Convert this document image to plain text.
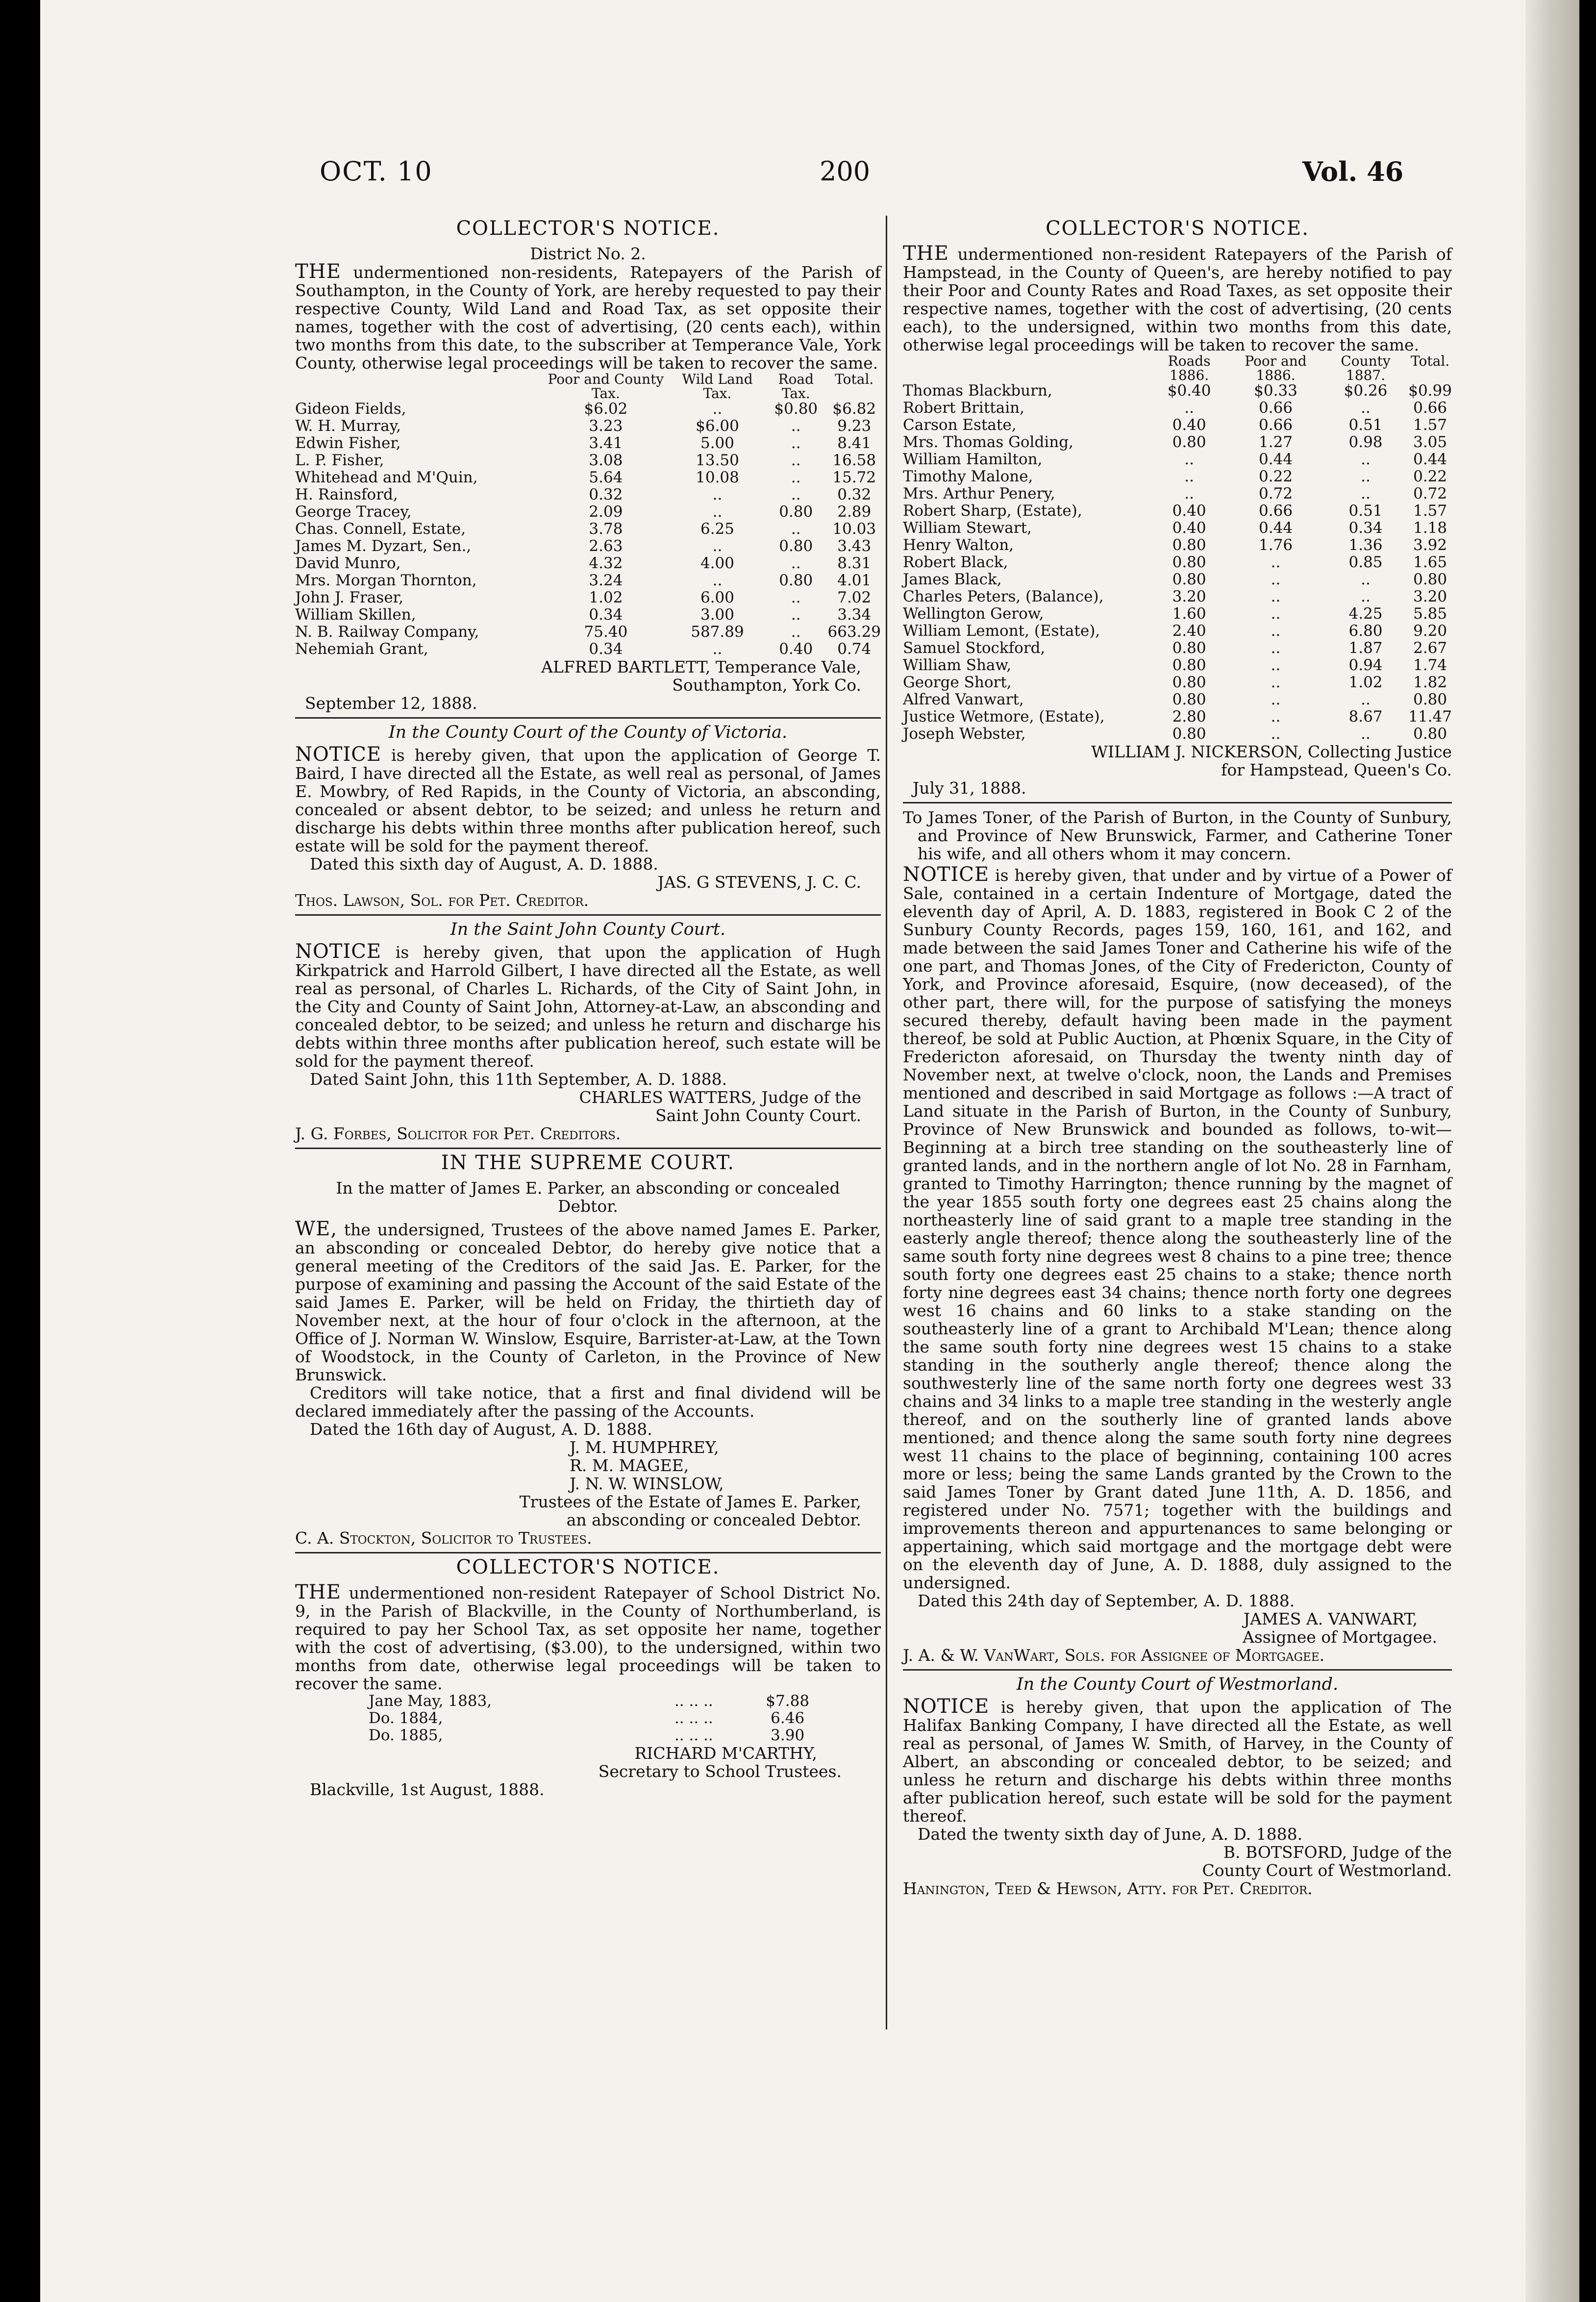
OCT. 10	200	Vol. 46
COLLECTOR'S NOTICE.
District No. 2.

THE undermentioned non-residents, Ratepayers of the Parish of Southampton, in the County of York, are hereby requested to pay their respective County, Wild Land and Road Tax, as set opposite their names, together with the cost of advertising, (20 cents each), within two months from this date, to the subscriber at Temperance Vale, York County, otherwise legal proceedings will be taken to recover the same.

	Poor and County Tax.	Wild Land Tax.	Road Tax.	Total.
Gideon Fields,	$6.02	..	$0.80	$6.82
W. H. Murray,	3.23	$6.00	..	9.23
Edwin Fisher,	3.41	5.00	..	8.41
L. P. Fisher,	3.08	13.50	..	16.58
Whitehead and M'Quin,	5.64	10.08	..	15.72
H. Rainsford,	0.32	..	..	0.32
George Tracey,	2.09	..	0.80	2.89
Chas. Connell, Estate,	3.78	6.25	..	10.03
James M. Dyzart, Sen.,	2.63	..	0.80	3.43
David Munro,	4.32	4.00	..	8.31
Mrs. Morgan Thornton,	3.24	..	0.80	4.01
John J. Fraser,	1.02	6.00	..	7.02
William Skillen,	0.34	3.00	..	3.34
N. B. Railway Company,	75.40	587.89	..	663.29
Nehemiah Grant,	0.34	..	0.40	0.74
ALFRED BARTLETT, Temperance Vale,
Southampton, York Co.
September 12, 1888.
In the County Court of the County of Victoria.

NOTICE is hereby given, that upon the application of George T. Baird, I have directed all the Estate, as well real as personal, of James E. Mowbry, of Red Rapids, in the County of Victoria, an absconding, concealed or absent debtor, to be seized; and unless he return and discharge his debts within three months after publication hereof, such estate will be sold for the payment thereof.

Dated this sixth day of August, A. D. 1888.
JAS. G STEVENS, J. C. C.
Thos. Lawson, Sol. for Pet. Creditor.
In the Saint John County Court.

NOTICE is hereby given, that upon the application of Hugh Kirkpatrick and Harrold Gilbert, I have directed all the Estate, as well real as personal, of Charles L. Richards, of the City of Saint John, in the City and County of Saint John, Attorney-at-Law, an absconding and concealed debtor, to be seized; and unless he return and discharge his debts within three months after publication hereof, such estate will be sold for the payment thereof.

Dated Saint John, this 11th September, A. D. 1888.
CHARLES WATTERS, Judge of the
Saint John County Court.
J. G. Forbes, Solicitor for Pet. Creditors.
IN THE SUPREME COURT.
In the matter of James E. Parker, an absconding or concealed Debtor.

WE, the undersigned, Trustees of the above named James E. Parker, an absconding or concealed Debtor, do hereby give notice that a general meeting of the Creditors of the said Jas. E. Parker, for the purpose of examining and passing the Account of the said Estate of the said James E. Parker, will be held on Friday, the thirtieth day of November next, at the hour of four o'clock in the afternoon, at the Office of J. Norman W. Winslow, Esquire, Barrister-at-Law, at the Town of Woodstock, in the County of Carleton, in the Province of New Brunswick.

Creditors will take notice, that a first and final dividend will be declared immediately after the passing of the Accounts.

Dated the 16th day of August, A. D. 1888.
J. M. HUMPHREY,
R. M. MAGEE,
J. N. W. WINSLOW,
Trustees of the Estate of James E. Parker,
an absconding or concealed Debtor.
C. A. Stockton, Solicitor to Trustees.
COLLECTOR'S NOTICE.

THE undermentioned non-resident Ratepayer of School District No. 9, in the Parish of Blackville, in the County of Northumberland, is required to pay her School Tax, as set opposite her name, together with the cost of advertising, ($3.00), to the undersigned, within two months from date, otherwise legal proceedings will be taken to recover the same.

Jane May, 1883,	.. .. ..	$7.88
Do. 1884,	.. .. ..	6.46
Do. 1885,	.. .. ..	3.90
RICHARD M'CARTHY,
Secretary to School Trustees.
Blackville, 1st August, 1888.
COLLECTOR'S NOTICE.

THE undermentioned non-resident Ratepayers of the Parish of Hampstead, in the County of Queen's, are hereby notified to pay their Poor and County Rates and Road Taxes, as set opposite their respective names, together with the cost of advertising, (20 cents each), to the undersigned, within two months from this date, otherwise legal proceedings will be taken to recover the same.

	Roads 1886.	Poor and 1886.	County 1887.	Total.
Thomas Blackburn,	$0.40	$0.33	$0.26	$0.99
Robert Brittain,	..	0.66	..	0.66
Carson Estate,	0.40	0.66	0.51	1.57
Mrs. Thomas Golding,	0.80	1.27	0.98	3.05
William Hamilton,	..	0.44	..	0.44
Timothy Malone,	..	0.22	..	0.22
Mrs. Arthur Penery,	..	0.72	..	0.72
Robert Sharp, (Estate),	0.40	0.66	0.51	1.57
William Stewart,	0.40	0.44	0.34	1.18
Henry Walton,	0.80	1.76	1.36	3.92
Robert Black,	0.80	..	0.85	1.65
James Black,	0.80	..	..	0.80
Charles Peters, (Balance),	3.20	..	..	3.20
Wellington Gerow,	1.60	..	4.25	5.85
William Lemont, (Estate),	2.40	..	6.80	9.20
Samuel Stockford,	0.80	..	1.87	2.67
William Shaw,	0.80	..	0.94	1.74
George Short,	0.80	..	1.02	1.82
Alfred Vanwart,	0.80	..	..	0.80
Justice Wetmore, (Estate),	2.80	..	8.67	11.47
Joseph Webster,	0.80	..	..	0.80
WILLIAM J. NICKERSON, Collecting Justice
for Hampstead, Queen's Co.
July 31, 1888.

To James Toner, of the Parish of Burton, in the County of Sunbury, and Province of New Brunswick, Farmer, and Catherine Toner his wife, and all others whom it may concern.

NOTICE is hereby given, that under and by virtue of a Power of Sale, contained in a certain Indenture of Mortgage, dated the eleventh day of April, A. D. 1883, registered in Book C 2 of the Sunbury County Records, pages 159, 160, 161, and 162, and made between the said James Toner and Catherine his wife of the one part, and Thomas Jones, of the City of Fredericton, County of York, and Province aforesaid, Esquire, (now deceased), of the other part, there will, for the purpose of satisfying the moneys secured thereby, default having been made in the payment thereof, be sold at Public Auction, at Phœnix Square, in the City of Fredericton aforesaid, on Thursday the twenty ninth day of November next, at twelve o'clock, noon, the Lands and Premises mentioned and described in said Mortgage as follows :—A tract of Land situate in the Parish of Burton, in the County of Sunbury, Province of New Brunswick and bounded as follows, to-wit—Beginning at a birch tree standing on the southeasterly line of granted lands, and in the northern angle of lot No. 28 in Farnham, granted to Timothy Harrington; thence running by the magnet of the year 1855 south forty one degrees east 25 chains along the northeasterly line of said grant to a maple tree standing in the easterly angle thereof; thence along the southeasterly line of the same south forty nine degrees west 8 chains to a pine tree; thence south forty one degrees east 25 chains to a stake; thence north forty nine degrees east 34 chains; thence north forty one degrees west 16 chains and 60 links to a stake standing on the southeasterly line of a grant to Archibald M'Lean; thence along the same south forty nine degrees west 15 chains to a stake standing in the southerly angle thereof; thence along the southwesterly line of the same north forty one degrees west 33 chains and 34 links to a maple tree standing in the westerly angle thereof, and on the southerly line of granted lands above mentioned; and thence along the same south forty nine degrees west 11 chains to the place of beginning, containing 100 acres more or less; being the same Lands granted by the Crown to the said James Toner by Grant dated June 11th, A. D. 1856, and registered under No. 7571; together with the buildings and improvements thereon and appurtenances to same belonging or appertaining, which said mortgage and the mortgage debt were on the eleventh day of June, A. D. 1888, duly assigned to the undersigned.

Dated this 24th day of September, A. D. 1888.
JAMES A. VANWART,
Assignee of Mortgagee.
J. A. & W. VanWart, Sols. for Assignee of Mortgagee.
In the County Court of Westmorland.

NOTICE is hereby given, that upon the application of The Halifax Banking Company, I have directed all the Estate, as well real as personal, of James W. Smith, of Harvey, in the County of Albert, an absconding or concealed debtor, to be seized; and unless he return and discharge his debts within three months after publication hereof, such estate will be sold for the payment thereof.

Dated the twenty sixth day of June, A. D. 1888.
B. BOTSFORD, Judge of the
County Court of Westmorland.
Hanington, Teed & Hewson, Atty. for Pet. Creditor.
